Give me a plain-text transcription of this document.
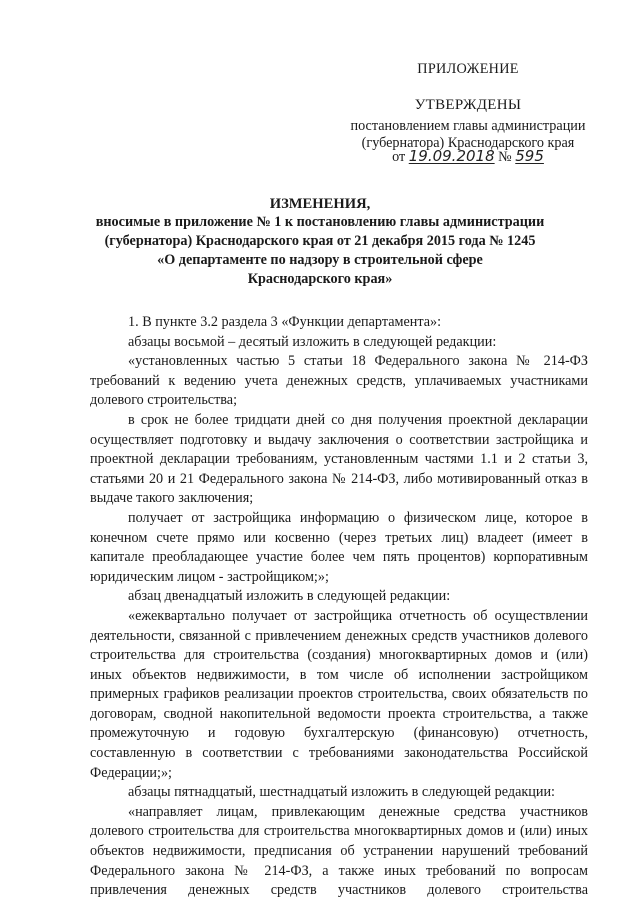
ПРИЛОЖЕНИЕ
УТВЕРЖДЕНЫ
постановлением главы администрации
(губернатора) Краснодарского края
от 19.09.2018 № 595
ИЗМЕНЕНИЯ,
вносимые в приложение № 1 к постановлению главы администрации
(губернатора) Краснодарского края от 21 декабря 2015 года № 1245
«О департаменте по надзору в строительной сфере
Краснодарского края»

1. В пункте 3.2 раздела 3 «Функции департамента»:

абзацы восьмой – десятый изложить в следующей редакции:

«установленных частью 5 статьи 18 Федерального закона № 214-ФЗ требований к ведению учета денежных средств, уплачиваемых участниками долевого строительства;

в срок не более тридцати дней со дня получения проектной декларации осуществляет подготовку и выдачу заключения о соответствии застройщика и проектной декларации требованиям, установленным частями 1.1 и 2 статьи 3, статьями 20 и 21 Федерального закона № 214-ФЗ, либо мотивированный отказ в выдаче такого заключения;

получает от застройщика информацию о физическом лице, которое в конечном счете прямо или косвенно (через третьих лиц) владеет (имеет в капитале преобладающее участие более чем пять процентов) корпоративным юридическим лицом - застройщиком;»;

абзац двенадцатый изложить в следующей редакции:

«ежеквартально получает от застройщика отчетность об осуществлении деятельности, связанной с привлечением денежных средств участников долевого строительства для строительства (создания) многоквартирных домов и (или) иных объектов недвижимости, в том числе об исполнении застройщиком примерных графиков реализации проектов строительства, своих обязательств по договорам, сводной накопительной ведомости проекта строительства, а также промежуточную и годовую бухгалтерскую (финансовую) отчетность, составленную в соответствии с требованиями законодательства Российской Федерации;»;

абзацы пятнадцатый, шестнадцатый изложить в следующей редакции:

«направляет лицам, привлекающим денежные средства участников долевого строительства для строительства многоквартирных домов и (или) иных объектов недвижимости, предписания об устранении нарушений требований Федерального закона № 214-ФЗ, а также иных требований по вопросам привлечения денежных средств участников долевого строительства
